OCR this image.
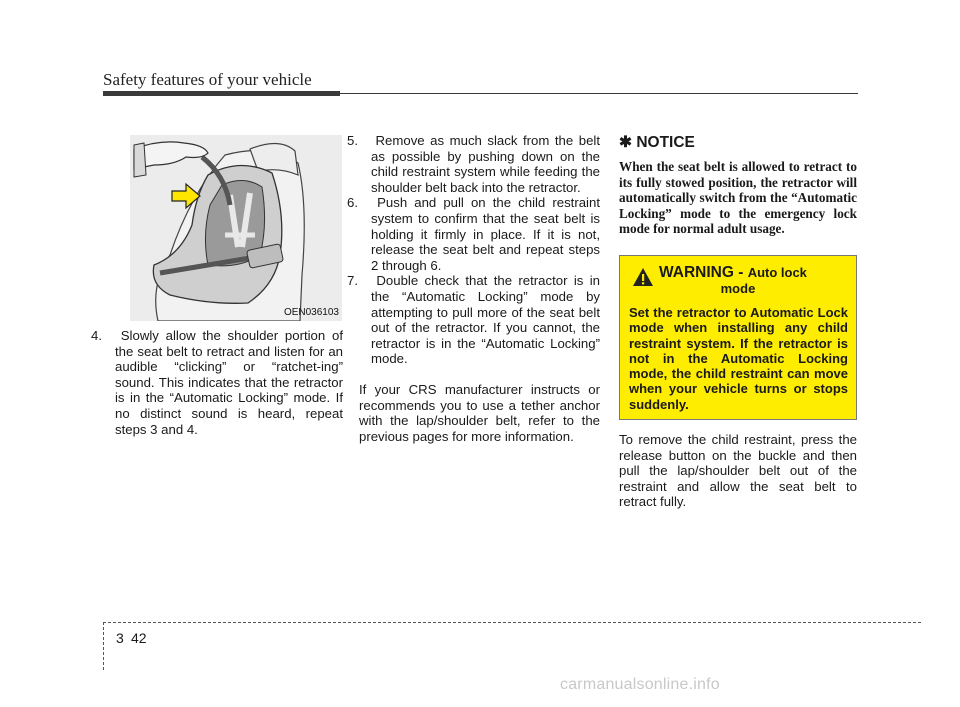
Safety features of your vehicle
OEN036103

4. Slowly allow the shoulder portion of the seat belt to retract and listen for an audible “clicking” or “ratchet-ing” sound. This indicates that the retractor is in the “Automatic Locking” mode. If no distinct sound is heard, repeat steps 3 and 4.

5. Remove as much slack from the belt as possible by pushing down on the child restraint system while feeding the shoulder belt back into the retractor.

6. Push and pull on the child restraint system to confirm that the seat belt is holding it firmly in place. If it is not, release the seat belt and repeat steps 2 through 6.

7. Double check that the retractor is in the “Automatic Locking” mode by attempting to pull more of the seat belt out of the retractor. If you cannot, the retractor is in the “Automatic Locking” mode.

If your CRS manufacturer instructs or recommends you to use a tether anchor with the lap/shoulder belt, refer to the previous pages for more information.

✱ NOTICE
When the seat belt is allowed to retract to its fully stowed position, the retractor will automatically switch from the “Automatic Locking” mode to the emergency lock mode for normal adult usage.
WARNING - Auto lock
mode
Set the retractor to Automatic Lock mode when installing any child restraint system. If the retractor is not in the Automatic Locking mode, the child restraint can move when your vehicle turns or stops suddenly.
To remove the child restraint, press the release button on the buckle and then pull the lap/shoulder belt out of the restraint and allow the seat belt to retract fully.
3 42
carmanualsonline.info
